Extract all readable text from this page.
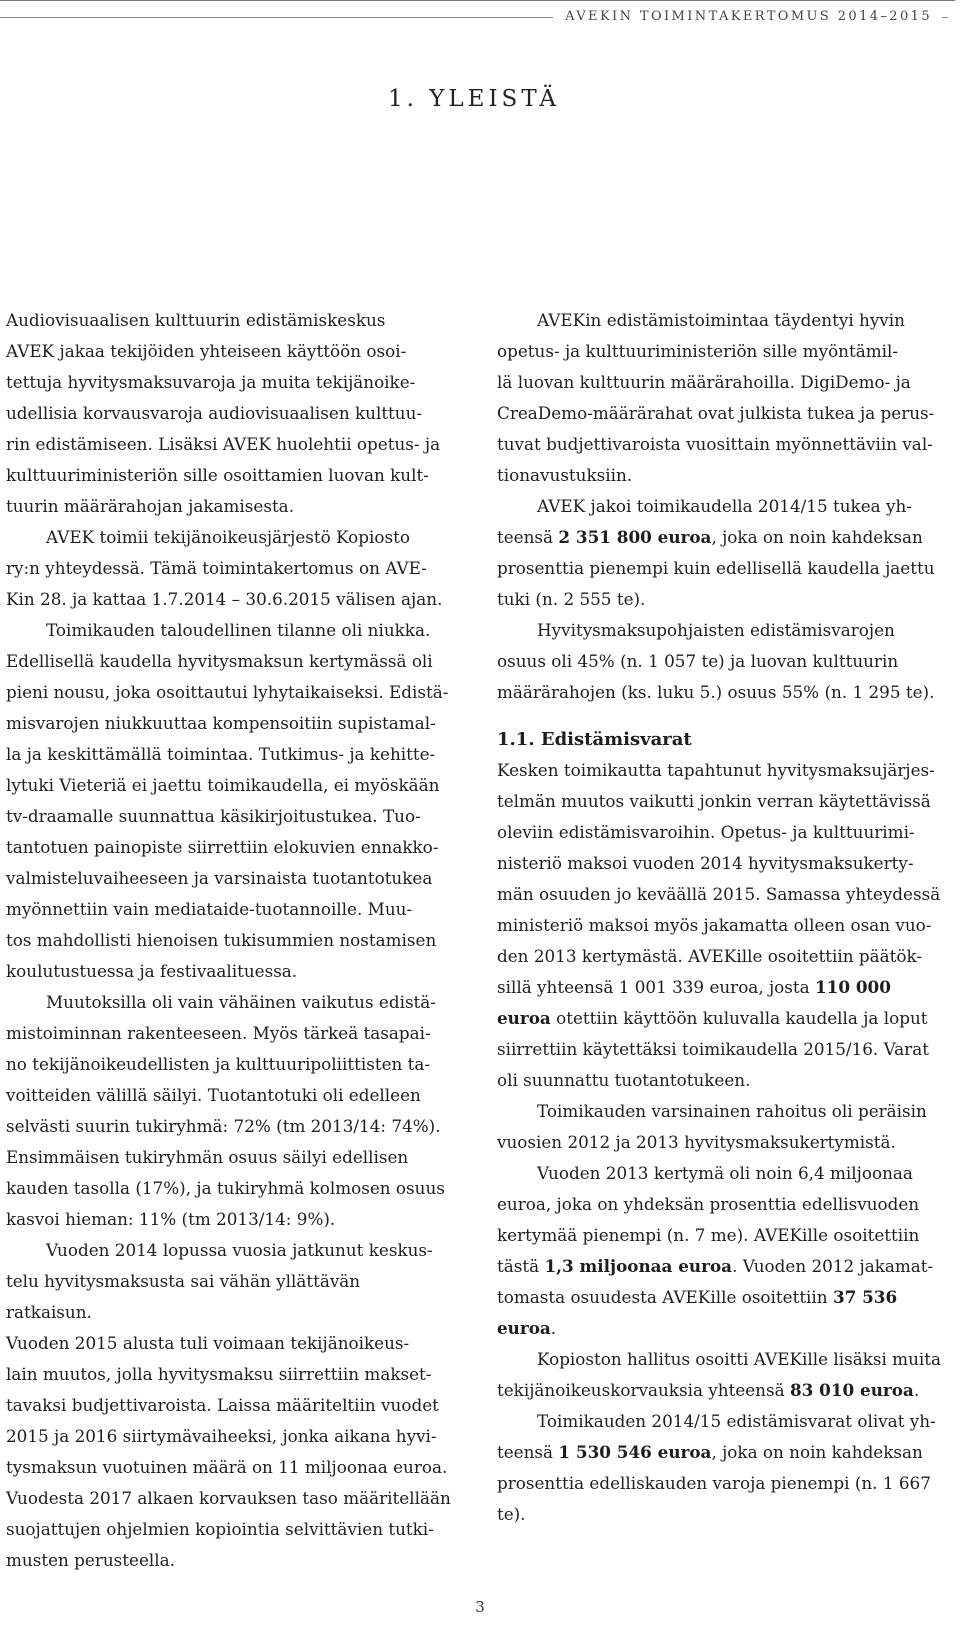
AVEKIN TOIMINTAKERTOMUS 2014–2015
1. YLEISTÄ

Audiovisuaalisen kulttuurin edistämiskeskus
AVEK jakaa tekijöiden yhteiseen käyttöön osoi-
tettuja hyvitysmaksuvaroja ja muita tekijänoike-
udellisia korvausvaroja audiovisuaalisen kulttuu-
rin edistämiseen. Lisäksi AVEK huolehtii opetus- ja
kulttuuriministeriön sille osoittamien luovan kult-
tuurin määrärahojan jakamisesta.

AVEK toimii tekijänoikeusjärjestö Kopiosto
ry:n yhteydessä. Tämä toimintakertomus on AVE-
Kin 28. ja kattaa 1.7.2014 – 30.6.2015 välisen ajan.

Toimikauden taloudellinen tilanne oli niukka.
Edellisellä kaudella hyvitysmaksun kertymässä oli
pieni nousu, joka osoittautui lyhytaikaiseksi. Edistä-
misvarojen niukkuuttaa kompensoitiin supistamal-
la ja keskittämällä toimintaa. Tutkimus- ja kehitte-
lytuki Vieteriä ei jaettu toimikaudella, ei myöskään
tv-draamalle suunnattua käsikirjoitustukea. Tuo-
tantotuen painopiste siirrettiin elokuvien ennakko-
valmisteluvaiheeseen ja varsinaista tuotantotukea
myönnettiin vain mediataide-tuotannoille. Muu-
tos mahdollisti hienoisen tukisummien nostamisen
koulutustuessa ja festivaalituessa.

Muutoksilla oli vain vähäinen vaikutus edistä-
mistoiminnan rakenteeseen. Myös tärkeä tasapai-
no tekijänoikeudellisten ja kulttuuripoliittisten ta-
voitteiden välillä säilyi. Tuotantotuki oli edelleen
selvästi suurin tukiryhmä: 72% (tm 2013/14: 74%).
Ensimmäisen tukiryhmän osuus säilyi edellisen
kauden tasolla (17%), ja tukiryhmä kolmosen osuus
kasvoi hieman: 11% (tm 2013/14: 9%).

Vuoden 2014 lopussa vuosia jatkunut keskus-
telu hyvitysmaksusta sai vähän yllättävän ratkaisun.
Vuoden 2015 alusta tuli voimaan tekijänoikeus-
lain muutos, jolla hyvitysmaksu siirrettiin makset-
tavaksi budjettivaroista. Laissa määriteltiin vuodet
2015 ja 2016 siirtymävaiheeksi, jonka aikana hyvi-
tysmaksun vuotuinen määrä on 11 miljoonaa euroa.
Vuodesta 2017 alkaen korvauksen taso määritellään
suojattujen ohjelmien kopiointia selvittävien tutki-
musten perusteella.

AVEKin edistämistoimintaa täydentyi hyvin
opetus- ja kulttuuriministeriön sille myöntämil-
lä luovan kulttuurin määrärahoilla. DigiDemo- ja
CreaDemo-määrärahat ovat julkista tukea ja perus-
tuvat budjettivaroista vuosittain myönnettäviin val-
tionavustuksiin.

AVEK jakoi toimikaudella 2014/15 tukea yh-
teensä 2 351 800 euroa, joka on noin kahdeksan
prosenttia pienempi kuin edellisellä kaudella jaettu
tuki (n. 2 555 te).

Hyvitysmaksupohjaisten edistämisvarojen
osuus oli 45% (n. 1 057 te) ja luovan kulttuurin
määrärahojen (ks. luku 5.) osuus 55% (n. 1 295 te).

1.1. Edistämisvarat

Kesken toimikautta tapahtunut hyvitysmaksujärjes-
telmän muutos vaikutti jonkin verran käytettävissä
oleviin edistämisvaroihin. Opetus- ja kulttuurimi-
nisteriö maksoi vuoden 2014 hyvitysmaksukerty-
män osuuden jo keväällä 2015. Samassa yhteydessä
ministeriö maksoi myös jakamatta olleen osan vuo-
den 2013 kertymästä. AVEKille osoitettiin päätök-
sillä yhteensä 1 001 339 euroa, josta 110 000
euroa otettiin käyttöön kuluvalla kaudella ja loput
siirrettiin käytettäksi toimikaudella 2015/16. Varat
oli suunnattu tuotantotukeen.

Toimikauden varsinainen rahoitus oli peräisin
vuosien 2012 ja 2013 hyvitysmaksukertymistä.

Vuoden 2013 kertymä oli noin 6,4 miljoonaa
euroa, joka on yhdeksän prosenttia edellisvuoden
kertymää pienempi (n. 7 me). AVEKille osoitettiin
tästä 1,3 miljoonaa euroa. Vuoden 2012 jakamat-
tomasta osuudesta AVEKille osoitettiin 37 536
euroa.

Kopioston hallitus osoitti AVEKille lisäksi muita
tekijänoikeuskorvauksia yhteensä 83 010 euroa.

Toimikauden 2014/15 edistämisvarat olivat yh-
teensä 1 530 546 euroa, joka on noin kahdeksan
prosenttia edelliskauden varoja pienempi (n. 1 667
te).

3
